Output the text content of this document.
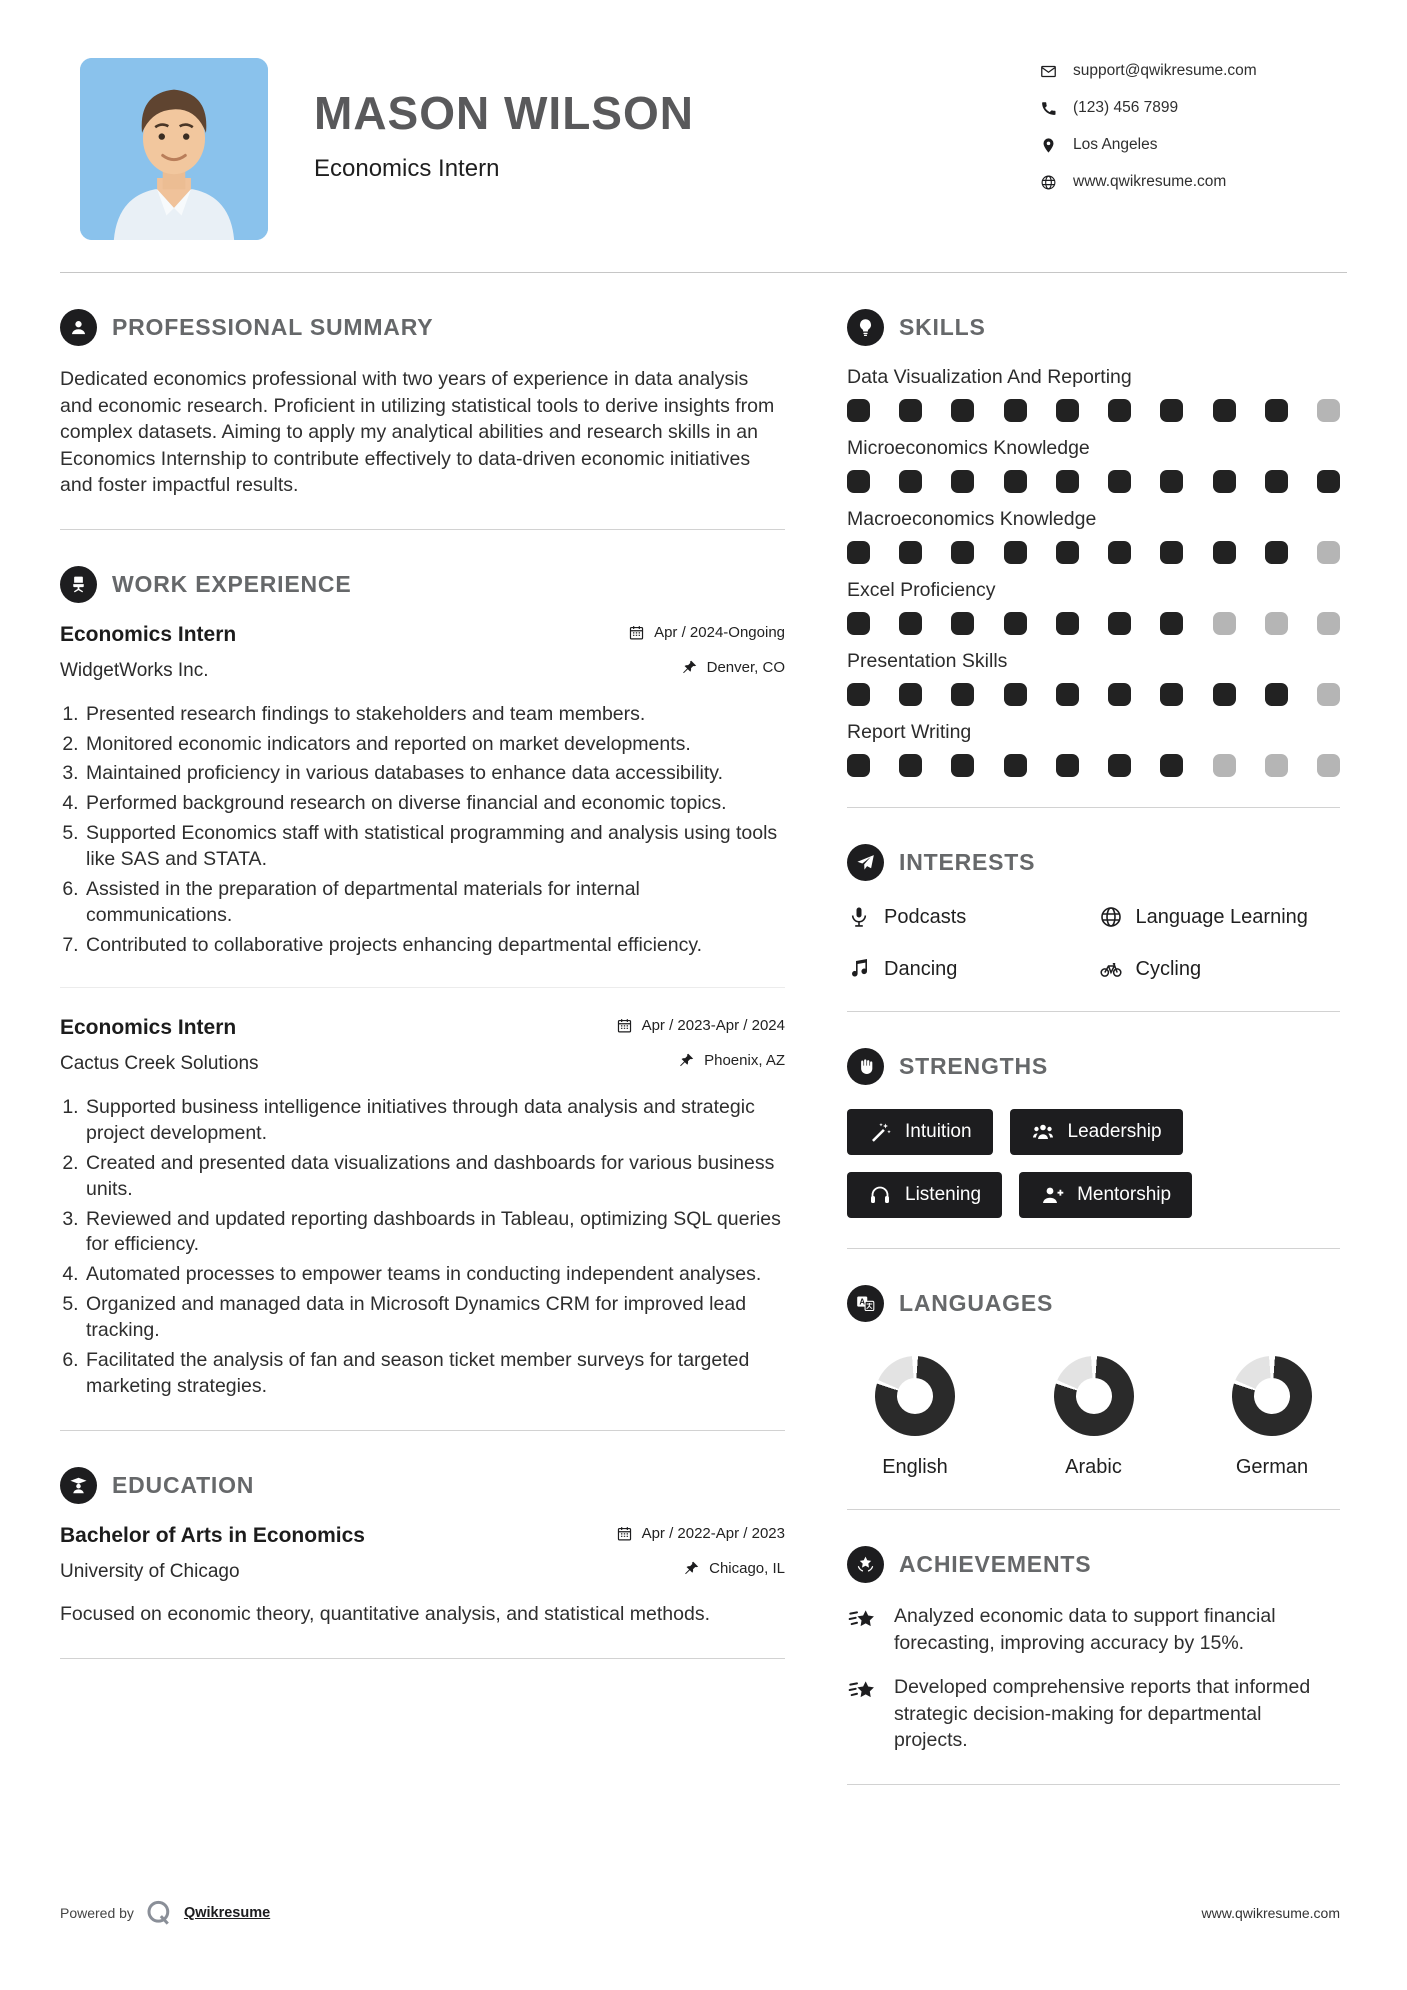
MASON WILSON
Economics Intern
support@qwikresume.com
(123) 456 7899
Los Angeles
www.qwikresume.com
PROFESSIONAL SUMMARY

Dedicated economics professional with two years of experience in data analysis and economic research. Proficient in utilizing statistical tools to derive insights from complex datasets. Aiming to apply my analytical abilities and research skills in an Economics Internship to contribute effectively to data-driven economic initiatives and foster impactful results.

WORK EXPERIENCE
Economics Intern	Apr / 2024-Ongoing
WidgetWorks Inc.	Denver, CO
1. Presented research findings to stakeholders and team members.
2. Monitored economic indicators and reported on market developments.
3. Maintained proficiency in various databases to enhance data accessibility.
4. Performed background research on diverse financial and economic topics.
5. Supported Economics staff with statistical programming and analysis using tools like SAS and STATA.
6. Assisted in the preparation of departmental materials for internal communications.
7. Contributed to collaborative projects enhancing departmental efficiency.
Economics Intern	Apr / 2023-Apr / 2024
Cactus Creek Solutions	Phoenix, AZ
1. Supported business intelligence initiatives through data analysis and strategic project development.
2. Created and presented data visualizations and dashboards for various business units.
3. Reviewed and updated reporting dashboards in Tableau, optimizing SQL queries for efficiency.
4. Automated processes to empower teams in conducting independent analyses.
5. Organized and managed data in Microsoft Dynamics CRM for improved lead tracking.
6. Facilitated the analysis of fan and season ticket member surveys for targeted marketing strategies.
EDUCATION
Bachelor of Arts in Economics	Apr / 2022-Apr / 2023
University of Chicago	Chicago, IL

Focused on economic theory, quantitative analysis, and statistical methods.

SKILLS
Data Visualization And Reporting
Microeconomics Knowledge
Macroeconomics Knowledge
Excel Proficiency
Presentation Skills
Report Writing
INTERESTS
Podcasts	Language Learning
Dancing	Cycling
STRENGTHS
Intuition	Leadership
Listening	Mentorship
A LANGUAGES
English	Arabic	German
ACHIEVEMENTS
Analyzed economic data to support financial forecasting, improving accuracy by 15%.
Developed comprehensive reports that informed strategic decision-making for departmental projects.
Powered by	Qwikresume	www.qwikresume.com
